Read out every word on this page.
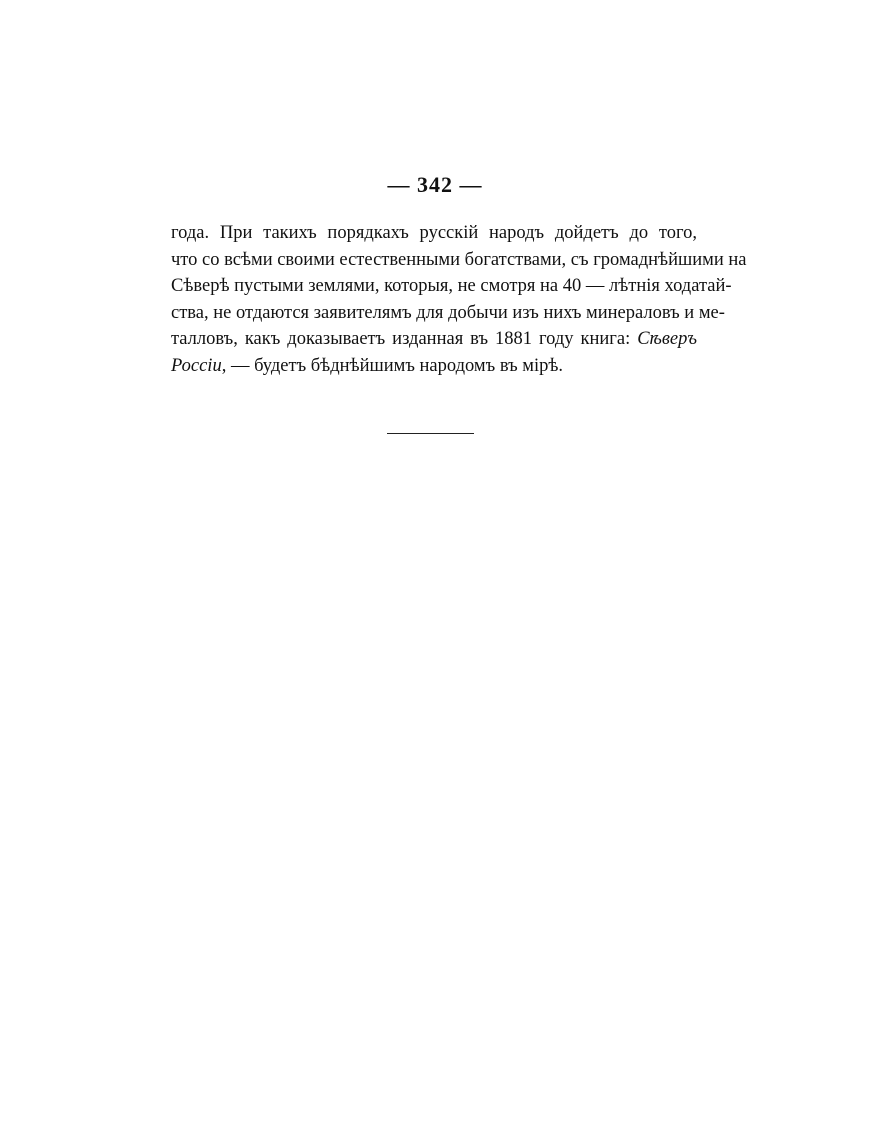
— 342 —
года. При такихъ порядкахъ русскій народъ дойдетъ до того,
что со всѣми своими естественными богатствами, съ громаднѣйшими на
Сѣверѣ пустыми землями, которыя, не смотря на 40 — лѣтнія ходатай-
ства, не отдаются заявителямъ для добычи изъ нихъ минераловъ и ме-
талловъ, какъ доказываетъ изданная въ 1881 году книга: Сѣверъ
Россіи, — будетъ бѣднѣйшимъ народомъ въ мірѣ.
